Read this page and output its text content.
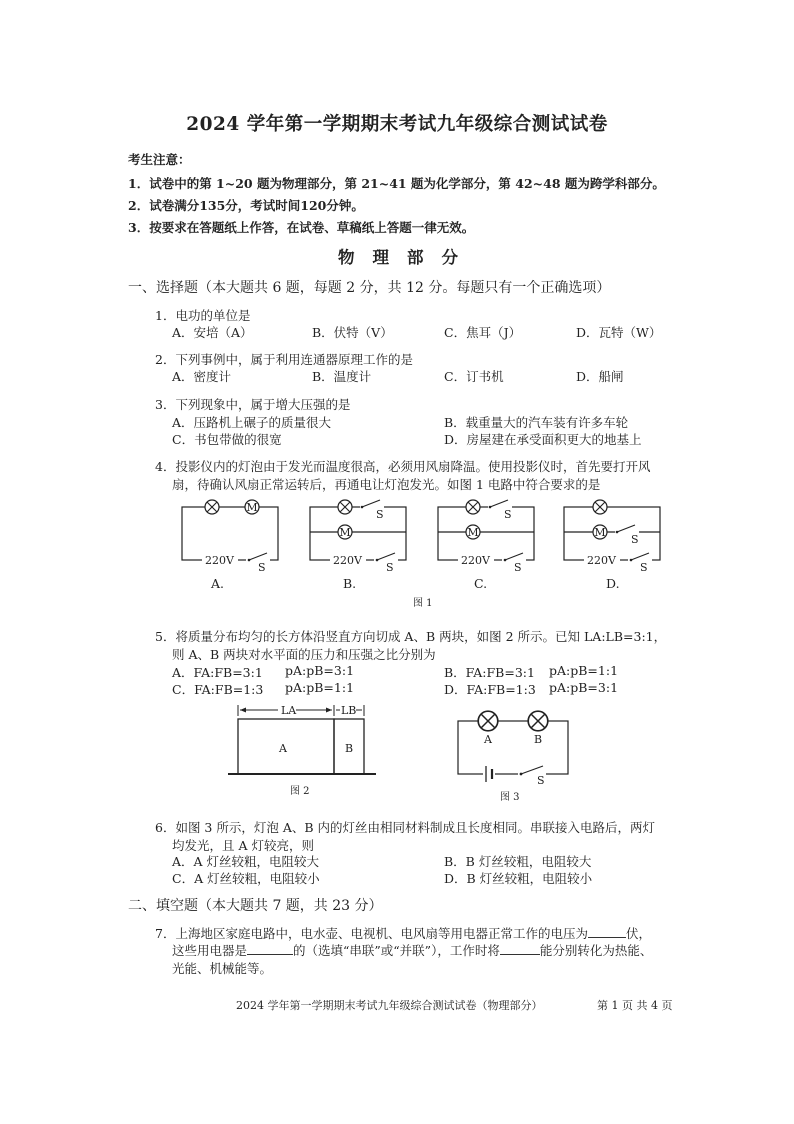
2024 学年第一学期期末考试九年级综合测试试卷
考生注意：
1．试卷中的第 1~20 题为物理部分，第 21~41 题为化学部分，第 42~48 题为跨学科部分。
2．试卷满分135分，考试时间120分钟。
3．按要求在答题纸上作答，在试卷、草稿纸上答题一律无效。
物理部分
一、选择题（本大题共 6 题，每题 2 分，共 12 分。每题只有一个正确选项）
1．电功的单位是
A．安培（A）	B．伏特（V）	C．焦耳（J）	D．瓦特（W）
2．下列事例中，属于利用连通器原理工作的是
A．密度计	B．温度计	C．订书机	D．船闸
3．下列现象中，属于增大压强的是
A．压路机上碾子的质量很大	B．载重量大的汽车装有许多车轮
C．书包带做的很宽	D．房屋建在承受面积更大的地基上
4．投影仪内的灯泡由于发光而温度很高，必须用风扇降温。使用投影仪时，首先要打开风
扇，待确认风扇正常运转后，再通电让灯泡发光。如图 1 电路中符合要求的是
M
220V
S
S
M
220V
S
S
M
220V
S
M
S
220V
S
LA	LB
A	B
A	B
S
A.	B.	C.	D.
图 1
5．将质量分布均匀的长方体沿竖直方向切成 A、B 两块，如图 2 所示。已知 LA:LB=3:1，
则 A、B 两块对水平面的压力和压强之比分别为
A．FA:FB=3:1 pA:pB=3:1	B．FA:FB=3:1 pA:pB=1:1
C．FA:FB=1:3 pA:pB=1:1	D．FA:FB=1:3 pA:pB=3:1
图 2
图 3
6．如图 3 所示，灯泡 A、B 内的灯丝由相同材料制成且长度相同。串联接入电路后，两灯
均发光，且 A 灯较亮，则
A．A 灯丝较粗，电阻较大	B．B 灯丝较粗，电阻较大
C．A 灯丝较粗，电阻较小	D．B 灯丝较粗，电阻较小
二、填空题（本大题共 7 题，共 23 分）
7．上海地区家庭电路中，电水壶、电视机、电风扇等用电器正常工作的电压为	伏，
这些用电器是	的（选填“串联”或“并联”），工作时将	能分别转化为热能、
光能、机械能等。
2024 学年第一学期期末考试九年级综合测试试卷（物理部分）	第 1 页 共 4 页
